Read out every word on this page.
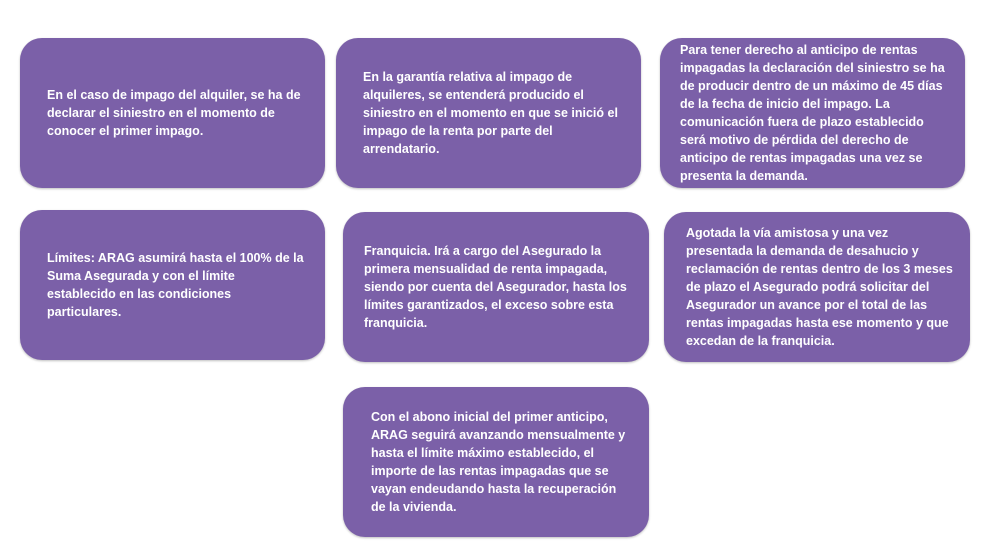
En el caso de impago del alquiler, se ha de declarar el siniestro en el momento de conocer el primer impago.
En la garantía relativa al impago de alquileres, se entenderá producido el siniestro en el momento en que se inició el impago de la renta por parte del arrendatario.
Para tener derecho al anticipo de rentas impagadas la declaración del siniestro se ha de producir dentro de un máximo de 45 días de la fecha de inicio del impago. La comunicación fuera de plazo establecido será motivo de pérdida del derecho de anticipo de rentas impagadas una vez se presenta la demanda.
Límites: ARAG asumirá hasta el 100% de la Suma Asegurada y con el límite establecido en las condiciones particulares.
Franquicia. Irá a cargo del Asegurado la primera mensualidad de renta impagada, siendo por cuenta del Asegurador, hasta los límites garantizados, el exceso sobre esta franquicia.
Agotada la vía amistosa y una vez presentada la demanda de desahucio y reclamación de rentas dentro de los 3 meses de plazo el Asegurado podrá solicitar del Asegurador un avance por el total de las rentas impagadas hasta ese momento y que excedan de la franquicia.
Con el abono inicial del primer anticipo, ARAG seguirá avanzando mensualmente y hasta el límite máximo establecido, el importe de las rentas impagadas que se vayan endeudando hasta la recuperación de la vivienda.
